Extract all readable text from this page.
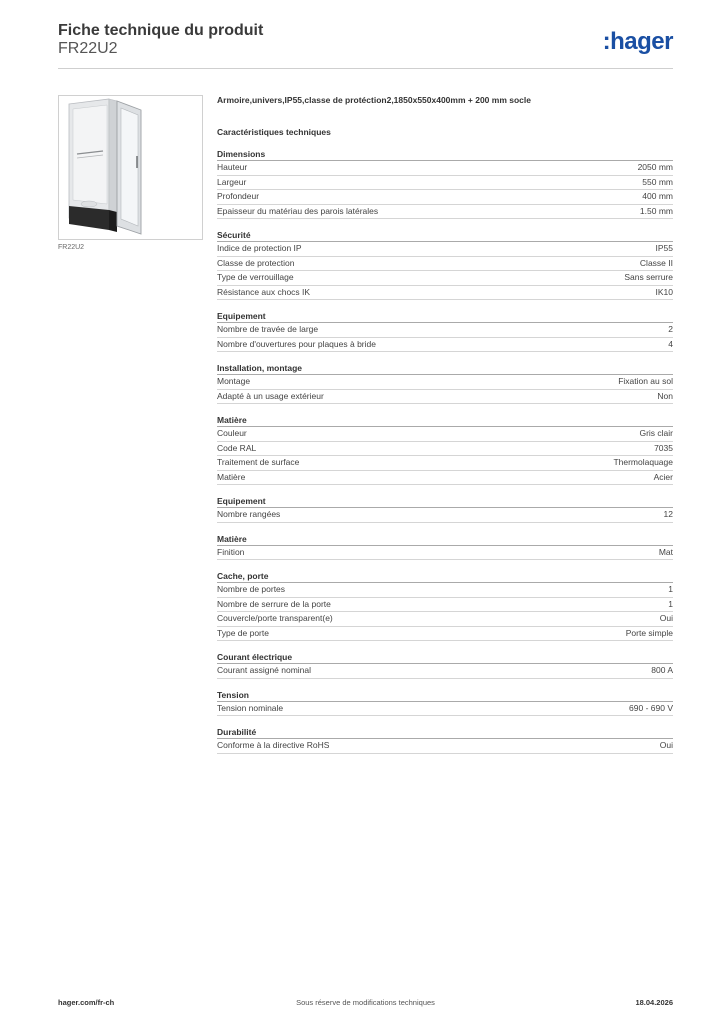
Fiche technique du produit
FR22U2	:hager
FR22U2
Armoire,univers,IP55,classe de protéction2,1850x550x400mm + 200 mm socle
Caractéristiques techniques
Dimensions
Hauteur	2050 mm
Largeur	550 mm
Profondeur	400 mm
Epaisseur du matériau des parois latérales	1.50 mm
Sécurité
Indice de protection IP	IP55
Classe de protection	Classe II
Type de verrouillage	Sans serrure
Résistance aux chocs IK	IK10
Equipement
Nombre de travée de large	2
Nombre d'ouvertures pour plaques à bride	4
Installation, montage
Montage	Fixation au sol
Adapté à un usage extérieur	Non
Matière
Couleur	Gris clair
Code RAL	7035
Traitement de surface	Thermolaquage
Matière	Acier
Equipement
Nombre rangées	12
Matière
Finition	Mat
Cache, porte
Nombre de portes	1
Nombre de serrure de la porte	1
Couvercle/porte transparent(e)	Oui
Type de porte	Porte simple
Courant électrique
Courant assigné nominal	800 A
Tension
Tension nominale	690 - 690 V
Durabilité
Conforme à la directive RoHS	Oui
hager.com/fr-ch	Sous réserve de modifications techniques	18.04.2026
